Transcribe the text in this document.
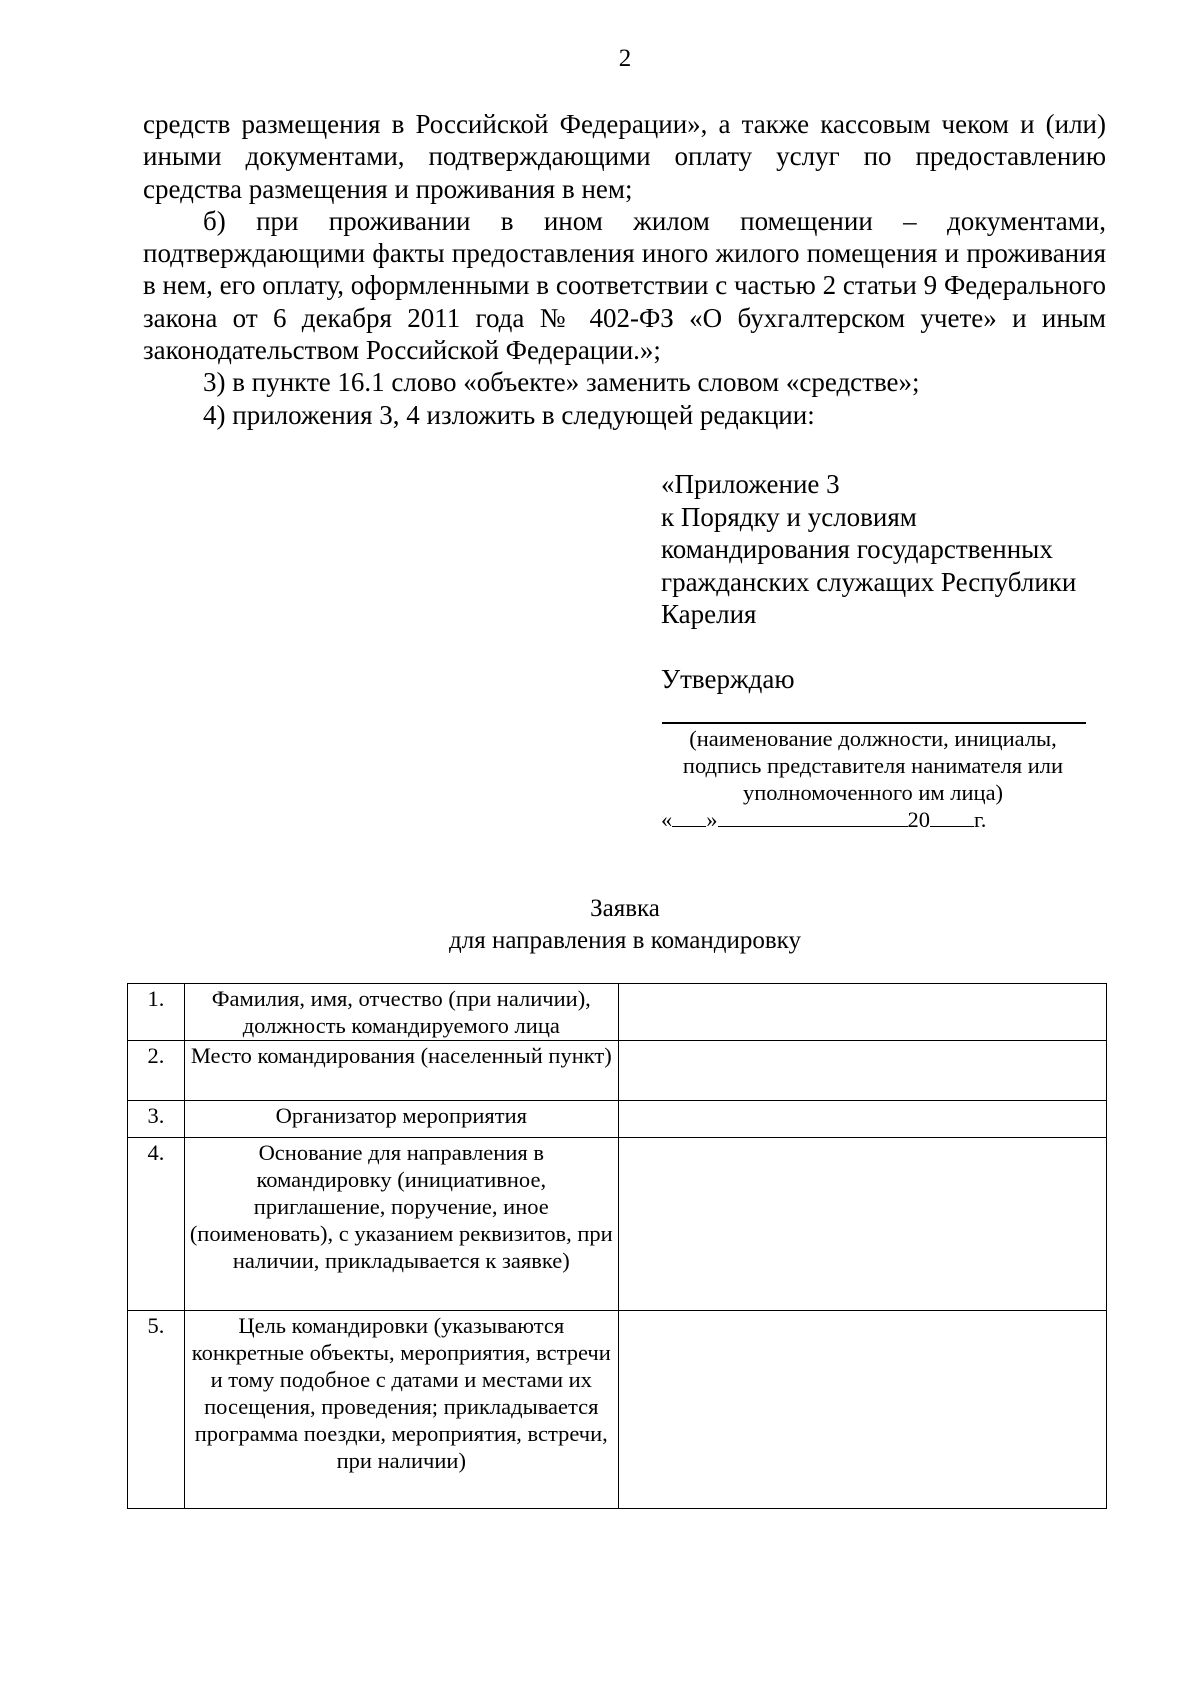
2

средств размещения в Российской Федерации», а также кассовым чеком и (или) иными документами, подтверждающими оплату услуг по предоставлению средства размещения и проживания в нем;

б) при проживании в ином жилом помещении – документами, подтверждающими факты предоставления иного жилого помещения и проживания в нем, его оплату, оформленными в соответствии с частью 2 статьи 9 Федерального закона от 6 декабря 2011 года № 402-ФЗ «О бухгалтерском учете» и иным законодательством Российской Федерации.»;

3) в пункте 16.1 слово «объекте» заменить словом «средстве»;

4) приложения 3, 4 изложить в следующей редакции:

«Приложение 3
к Порядку и условиям
командирования государственных
гражданских служащих Республики
Карелия
Утверждаю
(наименование должности, инициалы,
подпись представителя нанимателя или
уполномоченного им лица)
« »	20 г.
Заявка
для направления в командировку
1.	Фамилия, имя, отчество (при наличии), должность командируемого лица	
2.	Место командирования (населенный пункт)	
3.	Организатор мероприятия	
4.	Основание для направления в командировку (инициативное, приглашение, поручение, иное (поименовать), с указанием реквизитов, при наличии, прикладывается к заявке)	
5.	Цель командировки (указываются конкретные объекты, мероприятия, встречи и тому подобное с датами и местами их посещения, проведения; прикладывается программа поездки, мероприятия, встречи, при наличии)	
